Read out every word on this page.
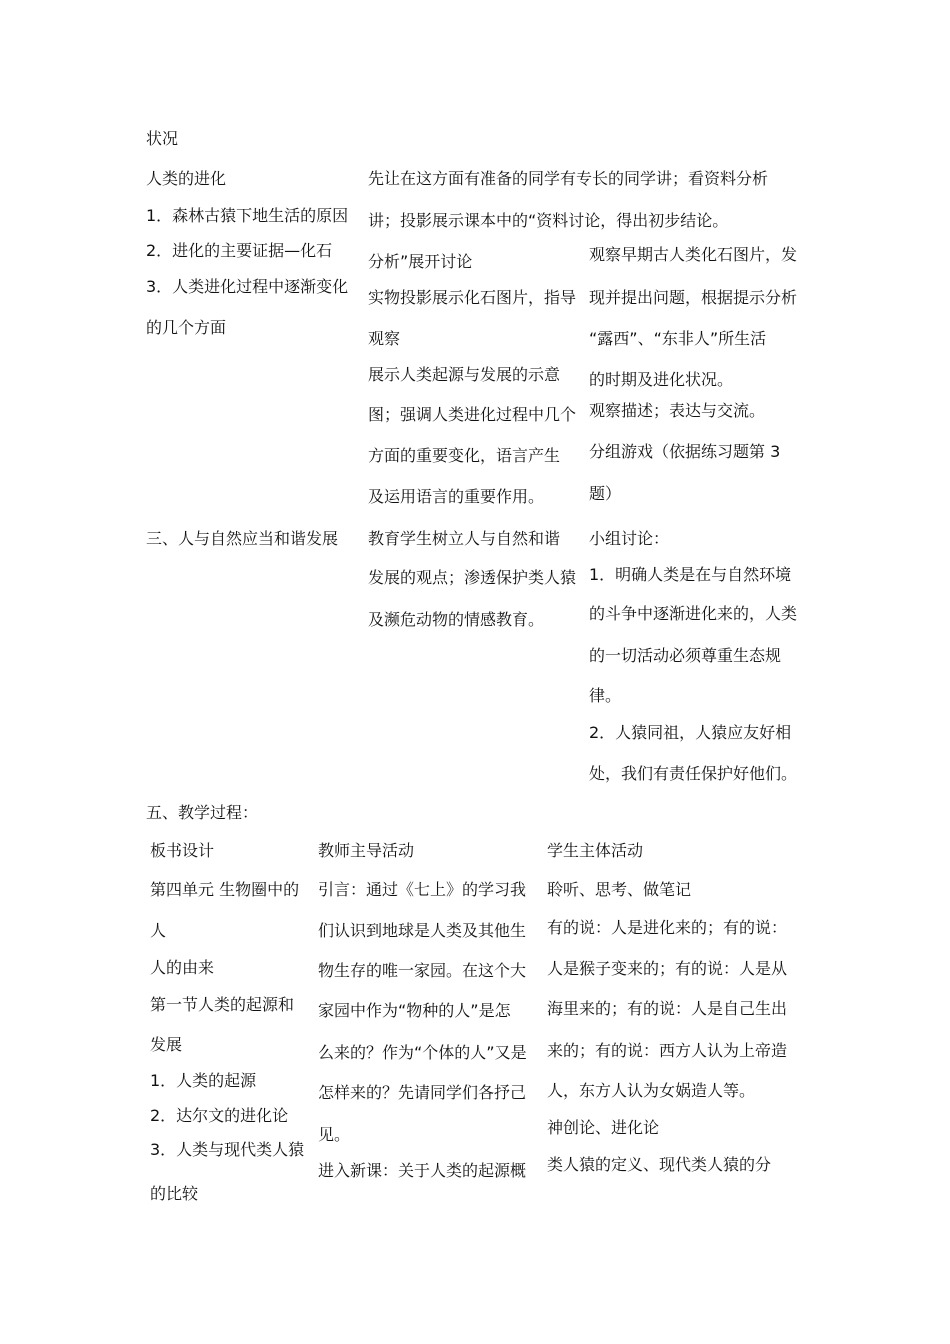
状况
人类的进化
1．森林古猿下地生活的原因
2．进化的主要证据—化石
3．人类进化过程中逐渐变化
的几个方面
三、人与自然应当和谐发展
先让在这方面有准备的同学有专长的同学讲；看资料分析
讲；投影展示课本中的“资料讨论，得出初步结论。
分析”展开讨论
实物投影展示化石图片，指导
观察
展示人类起源与发展的示意
图；强调人类进化过程中几个
方面的重要变化，语言产生
及运用语言的重要作用。
教育学生树立人与自然和谐
发展的观点；渗透保护类人猿
及濒危动物的情感教育。
观察早期古人类化石图片，发
现并提出问题，根据提示分析
“露西”、“东非人”所生活
的时期及进化状况。
观察描述；表达与交流。
分组游戏（依据练习题第 3
题）
小组讨论：
1．明确人类是在与自然环境
的斗争中逐渐进化来的，人类
的一切活动必须尊重生态规
律。
2．人猿同祖，人猿应友好相
处，我们有责任保护好他们。
五、教学过程：
板书设计	教师主导活动	学生主体活动
第四单元 生物圈中的
人
人的由来
第一节人类的起源和
发展
1．人类的起源
2．达尔文的进化论
3．人类与现代类人猿
的比较
引言：通过《七上》的学习我
们认识到地球是人类及其他生
物生存的唯一家园。在这个大
家园中作为“物种的人”是怎
么来的？作为“个体的人”又是
怎样来的？先请同学们各抒己
见。
进入新课：关于人类的起源概
聆听、思考、做笔记
有的说：人是进化来的；有的说：
人是猴子变来的；有的说：人是从
海里来的；有的说：人是自己生出
来的；有的说：西方人认为上帝造
人，东方人认为女娲造人等。
神创论、进化论
类人猿的定义、现代类人猿的分
